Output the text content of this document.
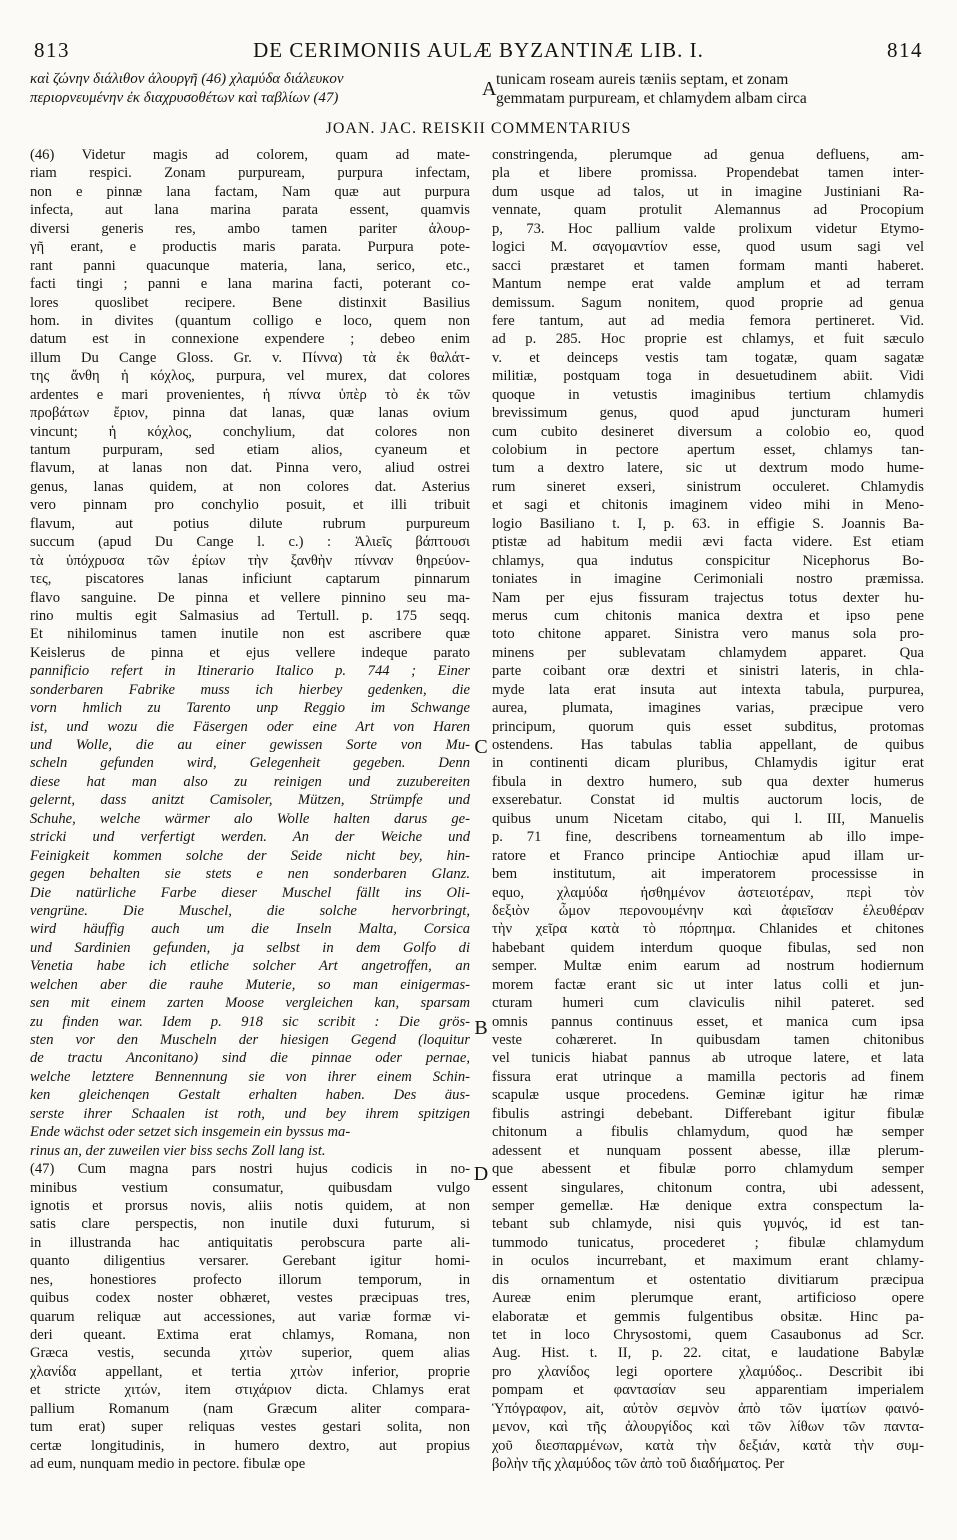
813	DE CERIMONIIS AULÆ BYZANTINÆ LIB. I.	814
καὶ ζώνην διάλιθον ἀλουργῆ (46) χλαμύδα διάλευκον	tunicam roseam aureis tæniis septam, et zonam
περιορνευμένην ἐκ διαχρυσοθέτων καὶ ταβλίων (47)	gemmatam purpuream, et chlamydem albam circa
A
JOAN. JAC. REISKII COMMENTARIUS
(46) Videtur magis ad colorem, quam ad mate-
riam respici. Zonam purpuream, purpura infectam,
non e pinnæ lana factam, Nam quæ aut purpura
infecta, aut lana marina parata essent, quamvis
diversi generis res, ambo tamen pariter ἀλουρ-
γῆ erant, e productis maris parata. Purpura pote-
rant panni quacunque materia, lana, serico, etc.,
facti tingi ; panni e lana marina facti, poterant co-
lores quoslibet recipere. Bene distinxit Basilius
hom. in divites (quantum colligo e loco, quem non
datum est in connexione expendere ; debeo enim
illum Du Cange Gloss. Gr. v. Πίννα) τὰ ἐκ θαλάτ-
της ἄνθη ἡ κόχλος, purpura, vel murex, dat colores
ardentes e mari provenientes, ἡ πίννα ὑπὲρ τὸ ἐκ τῶν
προβάτων ἔριον, pinna dat lanas, quæ lanas ovium
vincunt; ἡ κόχλος, conchylium, dat colores non
tantum purpuram, sed etiam alios, cyaneum et
flavum, at lanas non dat. Pinna vero, aliud ostrei
genus, lanas quidem, at non colores dat. Asterius
vero pinnam pro conchylio posuit, et illi tribuit
flavum, aut potius dilute rubrum purpureum
succum (apud Du Cange l. c.) : Ἁλιεῖς βάπτουσι
τὰ ὑπόχρυσα τῶν ἐρίων τὴν ξανθὴν πίνναν θηρεύον-
τες, piscatores lanas inficiunt captarum pinnarum
flavo sanguine. De pinna et vellere pinnino seu ma-
rino multis egit Salmasius ad Tertull. p. 175 seqq.
Et nihilominus tamen inutile non est ascribere quæ
Keislerus de pinna et ejus vellere indeque parato
pannificio refert in Itinerario Italico p. 744 ; Einer
sonderbaren Fabrike muss ich hierbey gedenken, die
vorn hmlich zu Tarento unp Reggio im Schwange
ist, und wozu die Fäsergen oder eine Art von Haren
und Wolle, die au einer gewissen Sorte von Mu-
scheln gefunden wird, Gelegenheit gegeben. Denn
diese hat man also zu reinigen und zuzubereiten
gelernt, dass anitzt Camisoler, Mützen, Strümpfe und
Schuhe, welche wärmer alo Wolle halten darus ge-
stricki und verfertigt werden. An der Weiche und
Feinigkeit kommen solche der Seide nicht bey, hin-
gegen behalten sie stets e nen sonderbaren Glanz.
Die natürliche Farbe dieser Muschel fällt ins Oli-
vengrüne. Die Muschel, die solche hervorbringt,
wird häuffig auch um die Inseln Malta, Corsica
und Sardinien gefunden, ja selbst in dem Golfo di
Venetia habe ich etliche solcher Art angetroffen, an
welchen aber die rauhe Muterie, so man einigermas-
sen mit einem zarten Moose vergleichen kan, sparsam
zu finden war. Idem p. 918 sic scribit : Die grös-
sten vor den Muscheln der hiesigen Gegend (loquitur
de tractu Anconitano) sind die pinnae oder pernae,
welche letztere Bennennung sie von ihrer einem Schin-
ken gleichenqen Gestalt erhalten haben. Des äus-
serste ihrer Schaalen ist roth, und bey ihrem spitzigen
Ende wächst oder setzet sich insgemein ein byssus ma-
rinus an, der zuweilen vier biss sechs Zoll lang ist.
(47) Cum magna pars nostri hujus codicis in no-
minibus vestium consumatur, quibusdam vulgo
ignotis et prorsus novis, aliis notis quidem, at non
satis clare perspectis, non inutile duxi futurum, si
in illustranda hac antiquitatis perobscura parte ali-
quanto diligentius versarer. Gerebant igitur homi-
nes, honestiores profecto illorum temporum, in
quibus codex noster obhæret, vestes præcipuas tres,
quarum reliquæ aut accessiones, aut variæ formæ vi-
deri queant. Extima erat chlamys, Romana, non
Græca vestis, secunda χιτὼν superior, quem alias
χλανίδα appellant, et tertia χιτὼν inferior, proprie
et stricte χιτών, item στιχάριον dicta. Chlamys erat
pallium Romanum (nam Græcum aliter compara-
tum erat) super reliquas vestes gestari solita, non
certæ longitudinis, in humero dextro, aut propius
ad eum, nunquam medio in pectore. fibulæ ope
constringenda, plerumque ad genua defluens, am-
pla et libere promissa. Propendebat tamen inter-
dum usque ad talos, ut in imagine Justiniani Ra-
vennate, quam protulit Alemannus ad Procopium
p, 73. Hoc pallium valde prolixum videtur Etymo-
logici M. σαγομαντίον esse, quod usum sagi vel
sacci præstaret et tamen formam manti haberet.
Mantum nempe erat valde amplum et ad terram
demissum. Sagum nonitem, quod proprie ad genua
fere tantum, aut ad media femora pertineret. Vid.
ad p. 285. Hoc proprie est chlamys, et fuit sæculo
v. et deinceps vestis tam togatæ, quam sagatæ
militiæ, postquam toga in desuetudinem abiit. Vidi
quoque in vetustis imaginibus tertium chlamydis
brevissimum genus, quod apud juncturam humeri
cum cubito desineret diversum a colobio eo, quod
colobium in pectore apertum esset, chlamys tan-
tum a dextro latere, sic ut dextrum modo hume-
rum sineret exseri, sinistrum occuleret. Chlamydis
et sagi et chitonis imaginem video mihi in Meno-
logio Basiliano t. I, p. 63. in effigie S. Joannis Ba-
ptistæ ad habitum medii ævi facta videre. Est etiam
chlamys, qua indutus conspicitur Nicephorus Bo-
toniates in imagine Cerimoniali nostro præmissa.
Nam per ejus fissuram trajectus totus dexter hu-
merus cum chitonis manica dextra et ipso pene
toto chitone apparet. Sinistra vero manus sola pro-
minens per sublevatam chlamydem apparet. Qua
parte coibant oræ dextri et sinistri lateris, in chla-
myde lata erat insuta aut intexta tabula, purpurea,
aurea, plumata, imagines varias, præcipue vero
principum, quorum quis esset subditus, protomas
ostendens. Has tabulas tablia appellant, de quibus
in continenti dicam pluribus, Chlamydis igitur erat
fibula in dextro humero, sub qua dexter humerus
exserebatur. Constat id multis auctorum locis, de
quibus unum Nicetam citabo, qui l. III, Manuelis
p. 71 fine, describens torneamentum ab illo impe-
ratore et Franco principe Antiochiæ apud illam ur-
bem institutum, ait imperatorem processisse in
equo, χλαμύδα ἠσθημένον ἀστειοτέραν, περὶ τὸν
δεξιὸν ὦμον περονουμένην καὶ ἀφιεῖσαν ἐλευθέραν
τὴν χεῖρα κατὰ τὸ πόρπημα. Chlanides et chitones
habebant quidem interdum quoque fibulas, sed non
semper. Multæ enim earum ad nostrum hodiernum
morem factæ erant sic ut inter latus colli et jun-
cturam humeri cum claviculis nihil pateret. sed
omnis pannus continuus esset, et manica cum ipsa
veste cohæreret. In quibusdam tamen chitonibus
vel tunicis hiabat pannus ab utroque latere, et lata
fissura erat utrinque a mamilla pectoris ad finem
scapulæ usque procedens. Geminæ igitur hæ rimæ
fibulis astringi debebant. Differebant igitur fibulæ
chitonum a fibulis chlamydum, quod hæ semper
adessent et nunquam possent abesse, illæ plerum-
que abessent et fibulæ porro chlamydum semper
essent singulares, chitonum contra, ubi adessent,
semper gemellæ. Hæ denique extra conspectum la-
tebant sub chlamyde, nisi quis γυμνός, id est tan-
tummodo tunicatus, procederet ; fibulæ chlamydum
in oculos incurrebant, et maximum erant chlamy-
dis ornamentum et ostentatio divitiarum præcipua
Aureæ enim plerumque erant, artificioso opere
elaboratæ et gemmis fulgentibus obsitæ. Hinc pa-
tet in loco Chrysostomi, quem Casaubonus ad Scr.
Aug. Hist. t. II, p. 22. citat, e laudatione Babylæ
pro χλανίδος legi oportere χλαμύδος.. Describit ibi
pompam et φαντασίαν seu apparentiam imperialem
Ὑπόγραφον, ait, αὐτὸν σεμνὸν ἀπὸ τῶν ἱματίων φαινό-
μενον, καὶ τῆς ἀλουργίδος καὶ τῶν λίθων τῶν παντα-
χοῦ διεσπαρμένων, κατὰ τὴν δεξιάν, κατὰ τὴν συμ-
βολὴν τῆς χλαμύδος τῶν ἀπὸ τοῦ διαδήματος. Per
B
C
D
